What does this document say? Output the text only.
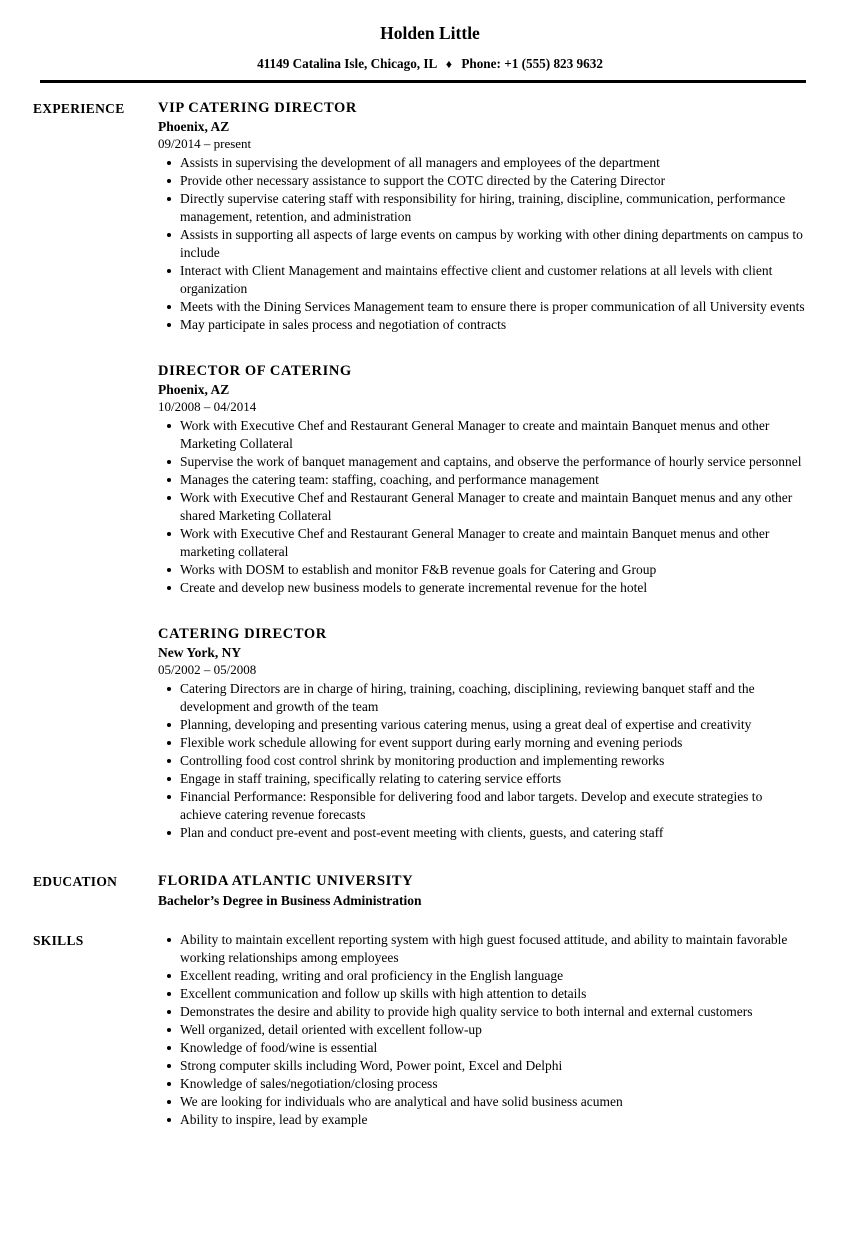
Holden Little
41149 Catalina Isle, Chicago, IL ♦ Phone: +1 (555) 823 9632
EXPERIENCE	VIP CATERING DIRECTOR
Phoenix, AZ
09/2014 – present
Assists in supervising the development of all managers and employees of the department
Provide other necessary assistance to support the COTC directed by the Catering Director
Directly supervise catering staff with responsibility for hiring, training, discipline, communication, performance management, retention, and administration
Assists in supporting all aspects of large events on campus by working with other dining departments on campus to include
Interact with Client Management and maintains effective client and customer relations at all levels with client organization
Meets with the Dining Services Management team to ensure there is proper communication of all University events
May participate in sales process and negotiation of contracts
DIRECTOR OF CATERING
Phoenix, AZ
10/2008 – 04/2014
Work with Executive Chef and Restaurant General Manager to create and maintain Banquet menus and other Marketing Collateral
Supervise the work of banquet management and captains, and observe the performance of hourly service personnel
Manages the catering team: staffing, coaching, and performance management
Work with Executive Chef and Restaurant General Manager to create and maintain Banquet menus and any other shared Marketing Collateral
Work with Executive Chef and Restaurant General Manager to create and maintain Banquet menus and other marketing collateral
Works with DOSM to establish and monitor F&B revenue goals for Catering and Group
Create and develop new business models to generate incremental revenue for the hotel
CATERING DIRECTOR
New York, NY
05/2002 – 05/2008
Catering Directors are in charge of hiring, training, coaching, disciplining, reviewing banquet staff and the development and growth of the team
Planning, developing and presenting various catering menus, using a great deal of expertise and creativity
Flexible work schedule allowing for event support during early morning and evening periods
Controlling food cost control shrink by monitoring production and implementing reworks
Engage in staff training, specifically relating to catering service efforts
Financial Performance: Responsible for delivering food and labor targets. Develop and execute strategies to achieve catering revenue forecasts
Plan and conduct pre-event and post-event meeting with clients, guests, and catering staff
EDUCATION	FLORIDA ATLANTIC UNIVERSITY
Bachelor’s Degree in Business Administration
SKILLS	Ability to maintain excellent reporting system with high guest focused attitude, and ability to maintain favorable working relationships among employees
Excellent reading, writing and oral proficiency in the English language
Excellent communication and follow up skills with high attention to details
Demonstrates the desire and ability to provide high quality service to both internal and external customers
Well organized, detail oriented with excellent follow-up
Knowledge of food/wine is essential
Strong computer skills including Word, Power point, Excel and Delphi
Knowledge of sales/negotiation/closing process
We are looking for individuals who are analytical and have solid business acumen
Ability to inspire, lead by example
